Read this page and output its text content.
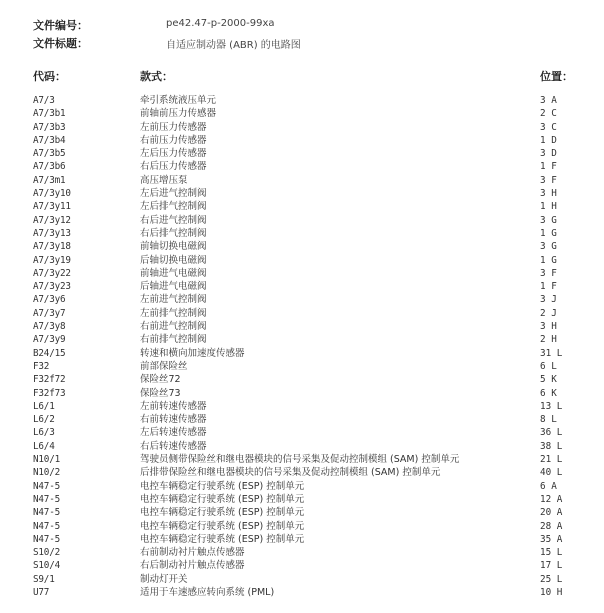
文件编号：	pe42.47-p-2000-99xa
文件标题：	自适应制动器 (ABR) 的电路图
代码：	款式：	位置：
A7/3	牵引系统液压单元	3 A
A7/3b1	前轴前压力传感器	2 C
A7/3b3	左前压力传感器	3 C
A7/3b4	右前压力传感器	1 D
A7/3b5	左后压力传感器	3 D
A7/3b6	右后压力传感器	1 F
A7/3m1	高压增压泵	3 F
A7/3y10	左后进气控制阀	3 H
A7/3y11	左后排气控制阀	1 H
A7/3y12	右后进气控制阀	3 G
A7/3y13	右后排气控制阀	1 G
A7/3y18	前轴切换电磁阀	3 G
A7/3y19	后轴切换电磁阀	1 G
A7/3y22	前轴进气电磁阀	3 F
A7/3y23	后轴进气电磁阀	1 F
A7/3y6	左前进气控制阀	3 J
A7/3y7	左前排气控制阀	2 J
A7/3y8	右前进气控制阀	3 H
A7/3y9	右前排气控制阀	2 H
B24/15	转速和横向加速度传感器	31 L
F32	前部保险丝	6 L
F32f72	保险丝72	5 K
F32f73	保险丝73	6 K
L6/1	左前转速传感器	13 L
L6/2	右前转速传感器	8 L
L6/3	左后转速传感器	36 L
L6/4	右后转速传感器	38 L
N10/1	驾驶员侧带保险丝和继电器模块的信号采集及促动控制模组 (SAM) 控制单元	21 L
N10/2	后排带保险丝和继电器模块的信号采集及促动控制模组 (SAM) 控制单元	40 L
N47-5	电控车辆稳定行驶系统 (ESP) 控制单元	6 A
N47-5	电控车辆稳定行驶系统 (ESP) 控制单元	12 A
N47-5	电控车辆稳定行驶系统 (ESP) 控制单元	20 A
N47-5	电控车辆稳定行驶系统 (ESP) 控制单元	28 A
N47-5	电控车辆稳定行驶系统 (ESP) 控制单元	35 A
S10/2	右前制动衬片触点传感器	15 L
S10/4	右后制动衬片触点传感器	17 L
S9/1	制动灯开关	25 L
U77	适用于车速感应转向系统 (PML)	10 H
